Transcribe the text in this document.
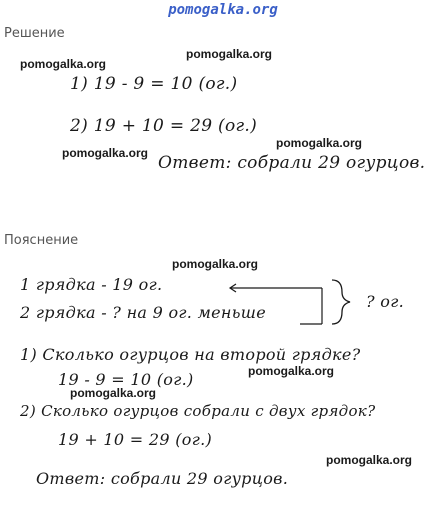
pomogalka.org
Решение
pomogalka.org
pomogalka.org
1) 19 - 9 = 10 (ог.)
2) 19 + 10 = 29 (ог.)
pomogalka.org
pomogalka.org Ответ: собрали 29 огурцов.
Пояснение
pomogalka.org
1 грядка - 19 ог.
2 грядка - ? на 9 ог. меньше
? ог.
1) Сколько огурцов на второй грядке?
19 - 9 = 10 (ог.)	pomogalka.org
pomogalka.org
2) Сколько огурцов собрали с двух грядок?
19 + 10 = 29 (ог.)
pomogalka.org
Ответ: собрали 29 огурцов.
